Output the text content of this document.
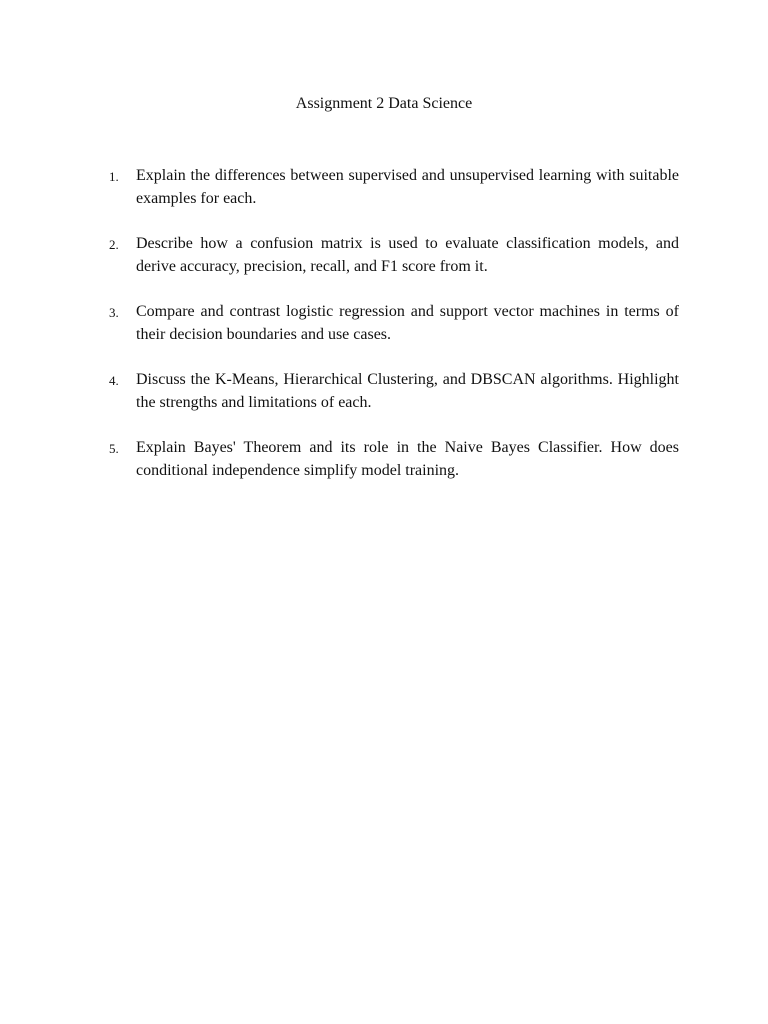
Assignment 2 Data Science
1. Explain the differences between supervised and unsupervised learning with suitable examples for each.
2. Describe how a confusion matrix is used to evaluate classification models, and derive accuracy, precision, recall, and F1 score from it.
3. Compare and contrast logistic regression and support vector machines in terms of their decision boundaries and use cases.
4. Discuss the K-Means, Hierarchical Clustering, and DBSCAN algorithms. Highlight the strengths and limitations of each.
5. Explain Bayes' Theorem and its role in the Naive Bayes Classifier. How does conditional independence simplify model training.
